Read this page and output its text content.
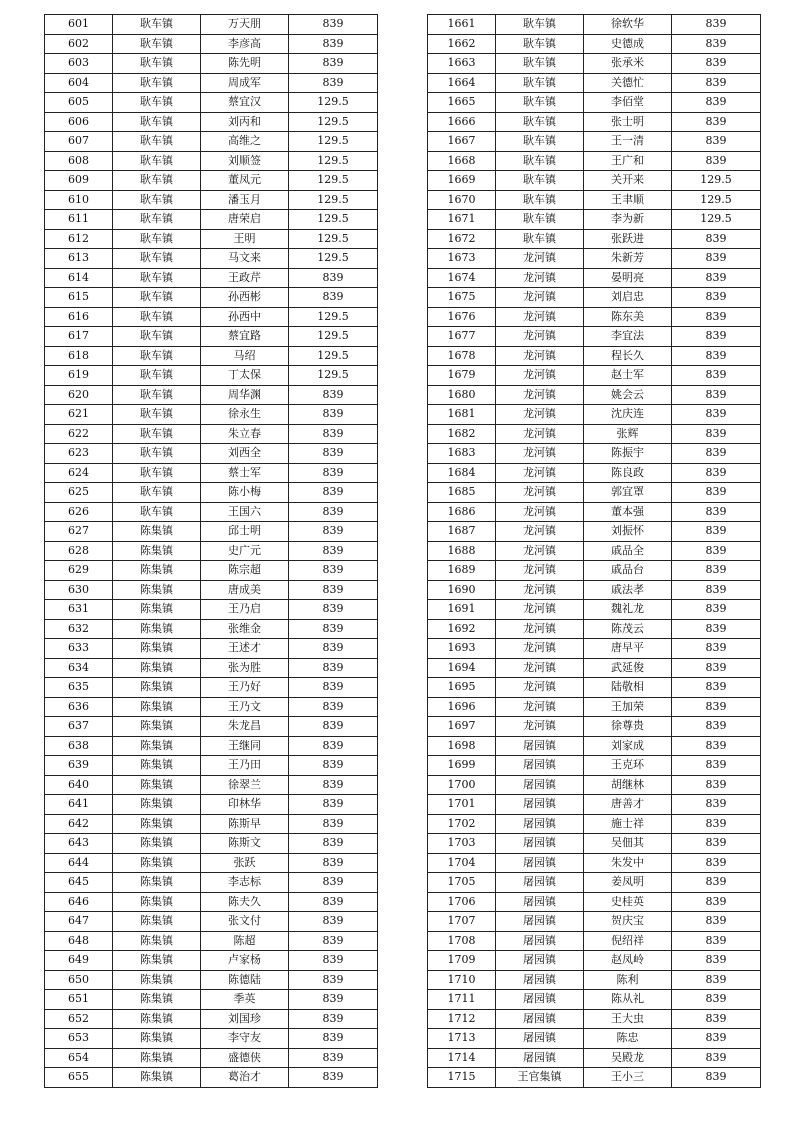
601	耿车镇	万天朋	839
602	耿车镇	李彦高	839
603	耿车镇	陈先明	839
604	耿车镇	周成军	839
605	耿车镇	蔡宜汉	129.5
606	耿车镇	刘丙和	129.5
607	耿车镇	高维之	129.5
608	耿车镇	刘顺签	129.5
609	耿车镇	董凤元	129.5
610	耿车镇	潘玉月	129.5
611	耿车镇	唐荣启	129.5
612	耿车镇	王明	129.5
613	耿车镇	马文来	129.5
614	耿车镇	王政芹	839
615	耿车镇	孙西彬	839
616	耿车镇	孙西中	129.5
617	耿车镇	蔡宜路	129.5
618	耿车镇	马绍	129.5
619	耿车镇	丁太保	129.5
620	耿车镇	周华渊	839
621	耿车镇	徐永生	839
622	耿车镇	朱立春	839
623	耿车镇	刘西全	839
624	耿车镇	蔡士军	839
625	耿车镇	陈小梅	839
626	耿车镇	王国六	839
627	陈集镇	邱士明	839
628	陈集镇	史广元	839
629	陈集镇	陈宗超	839
630	陈集镇	唐成美	839
631	陈集镇	王乃启	839
632	陈集镇	张维金	839
633	陈集镇	王述才	839
634	陈集镇	张为胜	839
635	陈集镇	王乃好	839
636	陈集镇	王乃文	839
637	陈集镇	朱龙昌	839
638	陈集镇	王继同	839
639	陈集镇	王乃田	839
640	陈集镇	徐翠兰	839
641	陈集镇	印林华	839
642	陈集镇	陈斯早	839
643	陈集镇	陈斯文	839
644	陈集镇	张跃	839
645	陈集镇	李志标	839
646	陈集镇	陈夫久	839
647	陈集镇	张文付	839
648	陈集镇	陈超	839
649	陈集镇	卢家杨	839
650	陈集镇	陈德陆	839
651	陈集镇	季英	839
652	陈集镇	刘国珍	839
653	陈集镇	李守友	839
654	陈集镇	盛德侠	839
655	陈集镇	葛治才	839
1661	耿车镇	徐软华	839
1662	耿车镇	史德成	839
1663	耿车镇	张承米	839
1664	耿车镇	关德忙	839
1665	耿车镇	李佰堂	839
1666	耿车镇	张士明	839
1667	耿车镇	王一清	839
1668	耿车镇	王广和	839
1669	耿车镇	关开来	129.5
1670	耿车镇	王聿顺	129.5
1671	耿车镇	李为新	129.5
1672	耿车镇	张跃进	839
1673	龙河镇	朱新芳	839
1674	龙河镇	晏明亮	839
1675	龙河镇	刘启忠	839
1676	龙河镇	陈东美	839
1677	龙河镇	李宜法	839
1678	龙河镇	程长久	839
1679	龙河镇	赵士军	839
1680	龙河镇	姚会云	839
1681	龙河镇	沈庆连	839
1682	龙河镇	张辉	839
1683	龙河镇	陈振宇	839
1684	龙河镇	陈良政	839
1685	龙河镇	郭宜罩	839
1686	龙河镇	董本强	839
1687	龙河镇	刘振怀	839
1688	龙河镇	戚品全	839
1689	龙河镇	戚品台	839
1690	龙河镇	戚法孝	839
1691	龙河镇	魏礼龙	839
1692	龙河镇	陈茂云	839
1693	龙河镇	唐早平	839
1694	龙河镇	武延俊	839
1695	龙河镇	陆敬相	839
1696	龙河镇	王加荣	839
1697	龙河镇	徐尊贵	839
1698	屠园镇	刘家成	839
1699	屠园镇	王克环	839
1700	屠园镇	胡继林	839
1701	屠园镇	唐善才	839
1702	屠园镇	施士祥	839
1703	屠园镇	吴佃其	839
1704	屠园镇	朱发中	839
1705	屠园镇	姜凤明	839
1706	屠园镇	史桂英	839
1707	屠园镇	贺庆宝	839
1708	屠园镇	倪绍祥	839
1709	屠园镇	赵凤岭	839
1710	屠园镇	陈利	839
1711	屠园镇	陈从礼	839
1712	屠园镇	王大虫	839
1713	屠园镇	陈忠	839
1714	屠园镇	吴殿龙	839
1715	王官集镇	王小三	839
